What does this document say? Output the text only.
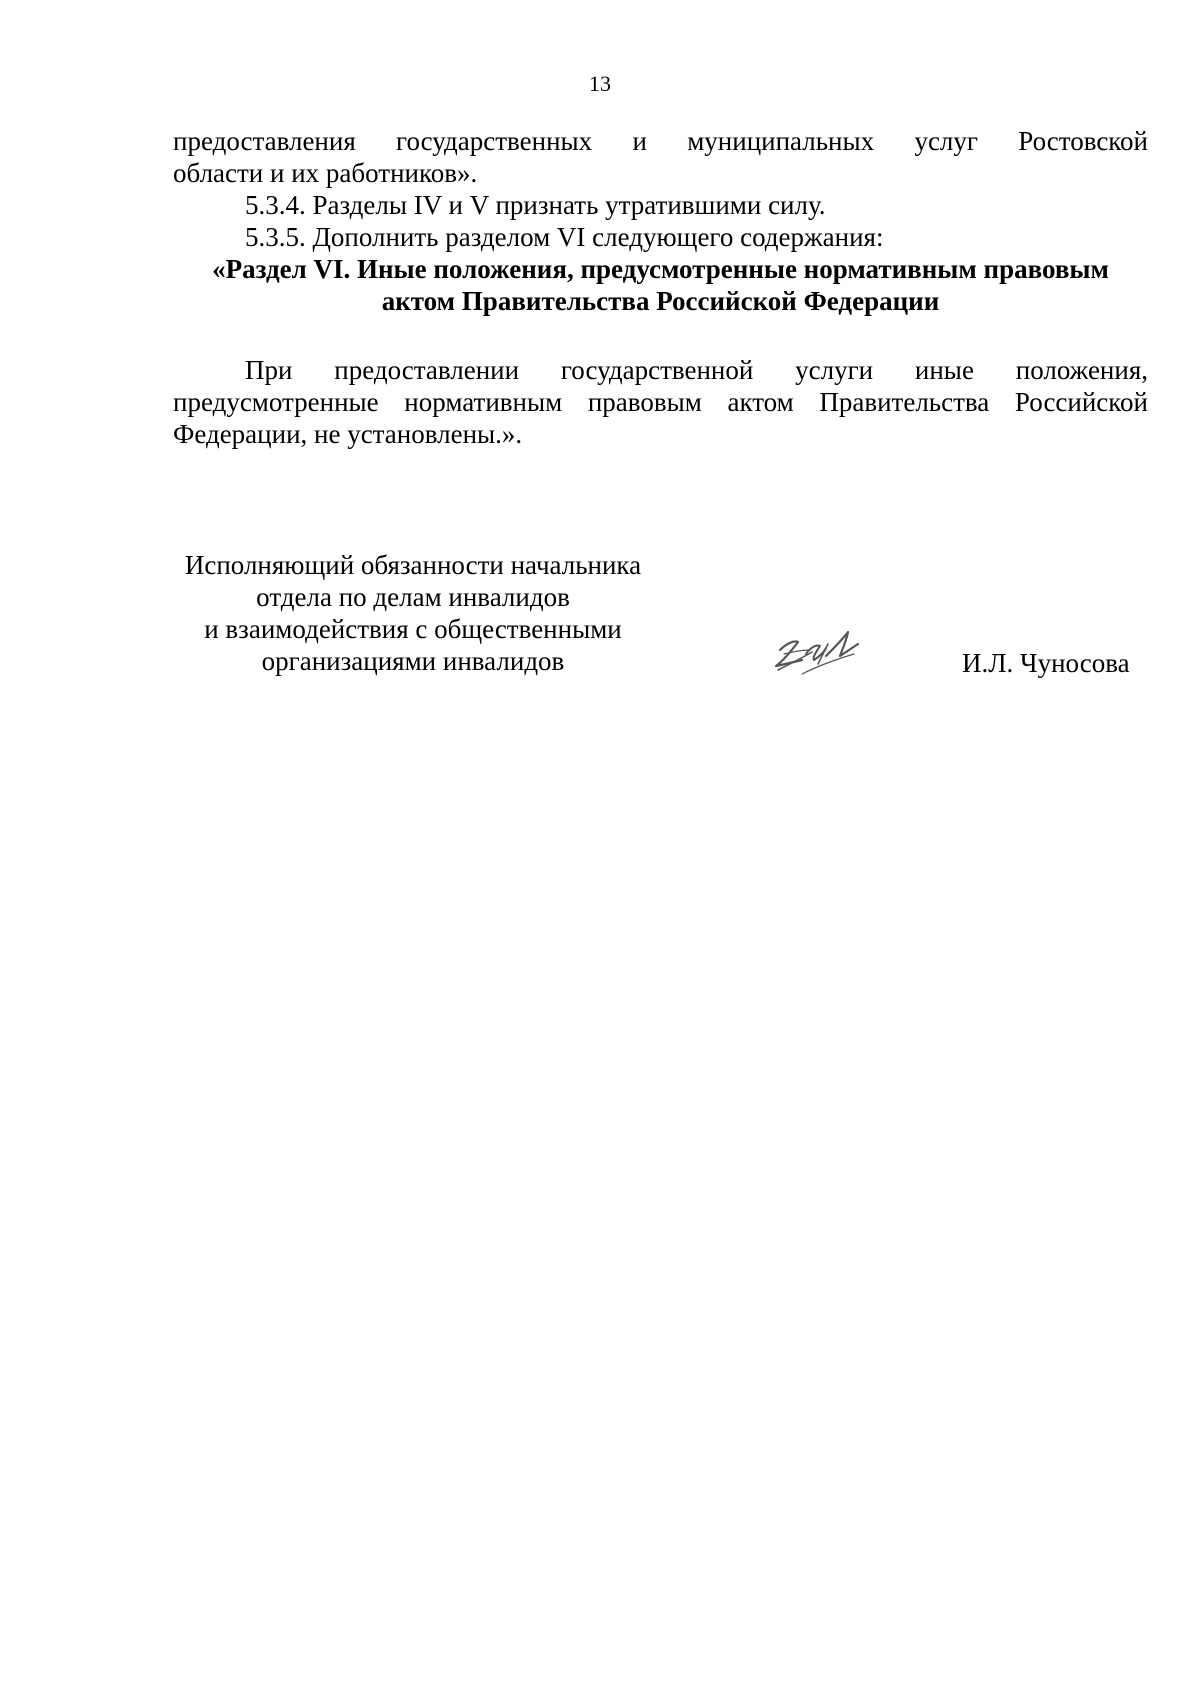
13
предоставления государственных и муниципальных услуг Ростовской
области и их работников».
5.3.4. Разделы IV и V признать утратившими силу.
5.3.5. Дополнить разделом VI следующего содержания:
«Раздел VI. Иные положения, предусмотренные нормативным правовым
актом Правительства Российской Федерации
При предоставлении государственной услуги иные положения,
предусмотренные нормативным правовым актом Правительства Российской
Федерации, не установлены.».
Исполняющий обязанности начальника
отдела по делам инвалидов
и взаимодействия с общественными
организациями инвалидов	И.Л. Чуносова
